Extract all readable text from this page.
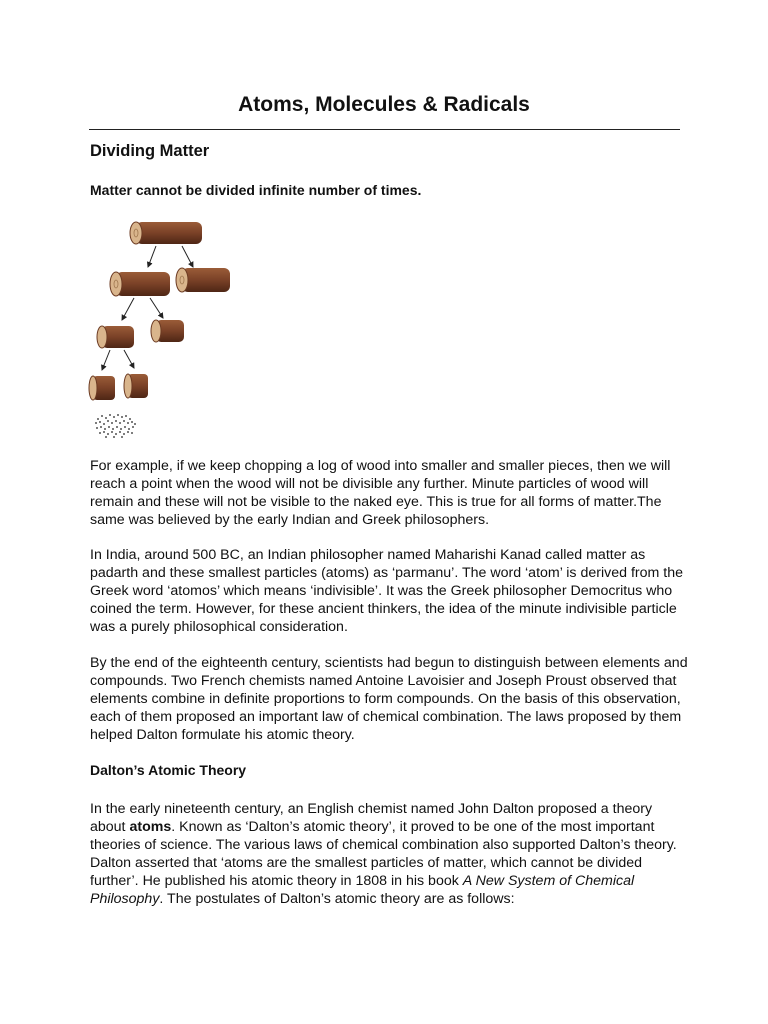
Atoms, Molecules & Radicals
Dividing Matter

Matter cannot be divided infinite number of times.

For example, if we keep chopping a log of wood into smaller and smaller pieces, then we will reach a point when the wood will not be divisible any further. Minute particles of wood will remain and these will not be visible to the naked eye. This is true for all forms of matter.The same was believed by the early Indian and Greek philosophers.

In India, around 500 BC, an Indian philosopher named Maharishi Kanad called matter as padarth and these smallest particles (atoms) as ‘parmanu’. The word ‘atom’ is derived from the Greek word ‘atomos’ which means ‘indivisible’. It was the Greek philosopher Democritus who coined the term. However, for these ancient thinkers, the idea of the minute indivisible particle was a purely philosophical consideration.

By the end of the eighteenth century, scientists had begun to distinguish between elements and compounds. Two French chemists named Antoine Lavoisier and Joseph Proust observed that elements combine in definite proportions to form compounds. On the basis of this observation, each of them proposed an important law of chemical combination. The laws proposed by them helped Dalton formulate his atomic theory.

Dalton’s Atomic Theory

In the early nineteenth century, an English chemist named John Dalton proposed a theory about atoms. Known as ‘Dalton’s atomic theory’, it proved to be one of the most important theories of science. The various laws of chemical combination also supported Dalton’s theory. Dalton asserted that ‘atoms are the smallest particles of matter, which cannot be divided further’. He published his atomic theory in 1808 in his book A New System of Chemical Philosophy. The postulates of Dalton’s atomic theory are as follows:
